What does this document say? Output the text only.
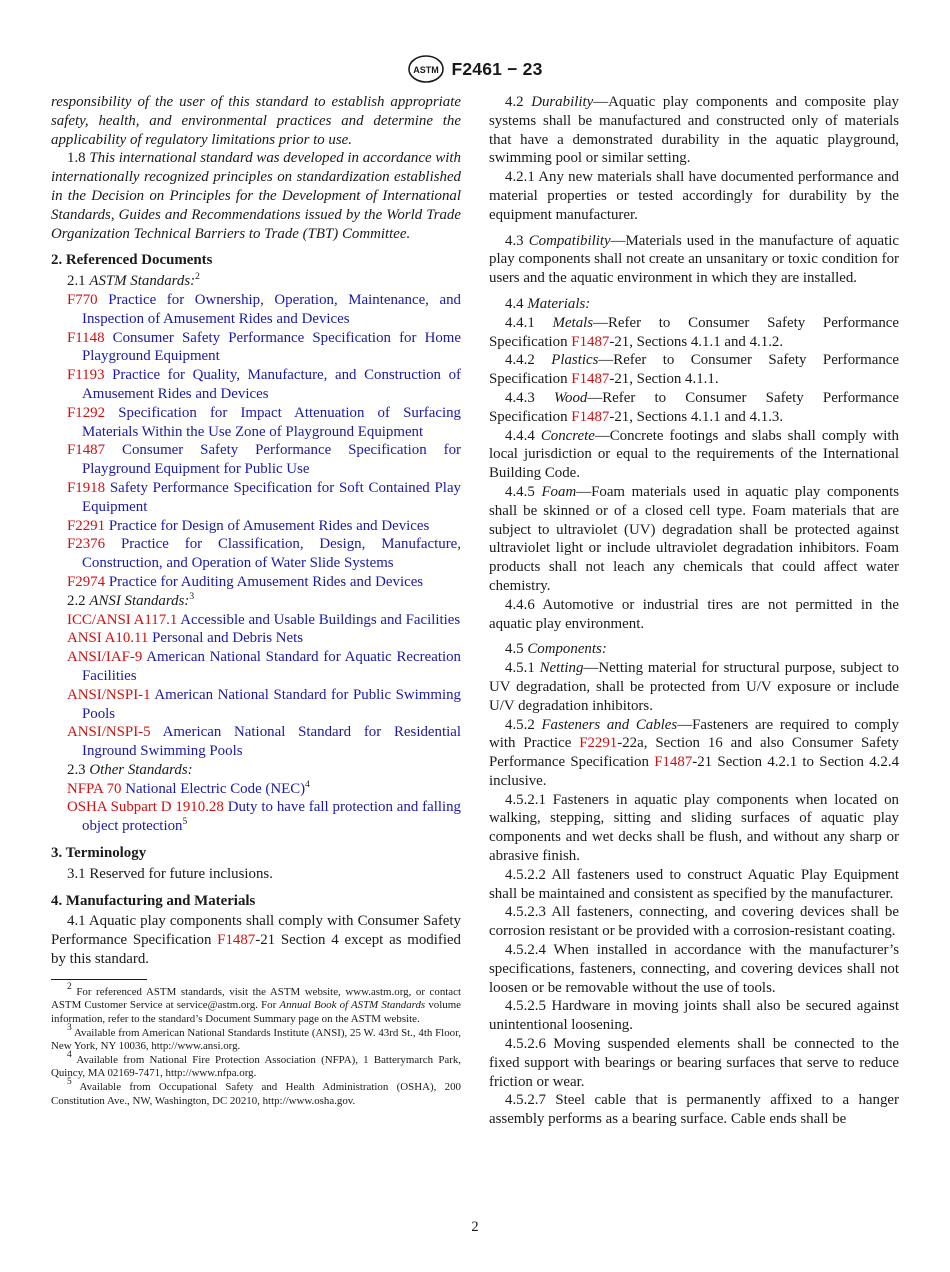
ASTM F2461 − 23

responsibility of the user of this standard to establish appropriate safety, health, and environmental practices and determine the applicability of regulatory limitations prior to use.

1.8 This international standard was developed in accordance with internationally recognized principles on standardization established in the Decision on Principles for the Development of International Standards, Guides and Recommendations issued by the World Trade Organization Technical Barriers to Trade (TBT) Committee.

2. Referenced Documents

2.1 ASTM Standards:$^2$

F770 Practice for Ownership, Operation, Maintenance, and Inspection of Amusement Rides and Devices

F1148 Consumer Safety Performance Specification for Home Playground Equipment

F1193 Practice for Quality, Manufacture, and Construction of Amusement Rides and Devices

F1292 Specification for Impact Attenuation of Surfacing Materials Within the Use Zone of Playground Equipment

F1487 Consumer Safety Performance Specification for Playground Equipment for Public Use

F1918 Safety Performance Specification for Soft Contained Play Equipment

F2291 Practice for Design of Amusement Rides and Devices

F2376 Practice for Classification, Design, Manufacture, Construction, and Operation of Water Slide Systems

F2974 Practice for Auditing Amusement Rides and Devices

2.2 ANSI Standards:$^3$

ICC/ANSI A117.1 Accessible and Usable Buildings and Facilities

ANSI A10.11 Personal and Debris Nets

ANSI/IAF-9 American National Standard for Aquatic Recreation Facilities

ANSI/NSPI-1 American National Standard for Public Swimming Pools

ANSI/NSPI-5 American National Standard for Residential Inground Swimming Pools

2.3 Other Standards:

NFPA 70 National Electric Code (NEC)$^4$

OSHA Subpart D 1910.28 Duty to have fall protection and falling object protection$^5$

3. Terminology

3.1 Reserved for future inclusions.

4. Manufacturing and Materials

4.1 Aquatic play components shall comply with Consumer Safety Performance Specification F1487-21 Section 4 except as modified by this standard.

$^2$ For referenced ASTM standards, visit the ASTM website, www.astm.org, or contact ASTM Customer Service at service@astm.org. For Annual Book of ASTM Standards volume information, refer to the standard’s Document Summary page on the ASTM website.

$^3$ Available from American National Standards Institute (ANSI), 25 W. 43rd St., 4th Floor, New York, NY 10036, http://www.ansi.org.

$^4$ Available from National Fire Protection Association (NFPA), 1 Batterymarch Park, Quincy, MA 02169-7471, http://www.nfpa.org.

$^5$ Available from Occupational Safety and Health Administration (OSHA), 200 Constitution Ave., NW, Washington, DC 20210, http://www.osha.gov.

4.2 Durability—Aquatic play components and composite play systems shall be manufactured and constructed only of materials that have a demonstrated durability in the aquatic playground, swimming pool or similar setting.

4.2.1 Any new materials shall have documented performance and material properties or tested accordingly for durability by the equipment manufacturer.

4.3 Compatibility—Materials used in the manufacture of aquatic play components shall not create an unsanitary or toxic condition for users and the aquatic environment in which they are installed.

4.4 Materials:

4.4.1 Metals—Refer to Consumer Safety Performance Specification F1487-21, Sections 4.1.1 and 4.1.2.

4.4.2 Plastics—Refer to Consumer Safety Performance Specification F1487-21, Section 4.1.1.

4.4.3 Wood—Refer to Consumer Safety Performance Specification F1487-21, Sections 4.1.1 and 4.1.3.

4.4.4 Concrete—Concrete footings and slabs shall comply with local jurisdiction or equal to the requirements of the International Building Code.

4.4.5 Foam—Foam materials used in aquatic play components shall be skinned or of a closed cell type. Foam materials that are subject to ultraviolet (UV) degradation shall be protected against ultraviolet light or include ultraviolet degradation inhibitors. Foam products shall not leach any chemicals that could affect water chemistry.

4.4.6 Automotive or industrial tires are not permitted in the aquatic play environment.

4.5 Components:

4.5.1 Netting—Netting material for structural purpose, subject to UV degradation, shall be protected from U/V exposure or include U/V degradation inhibitors.

4.5.2 Fasteners and Cables—Fasteners are required to comply with Practice F2291-22a, Section 16 and also Consumer Safety Performance Specification F1487-21 Section 4.2.1 to Section 4.2.4 inclusive.

4.5.2.1 Fasteners in aquatic play components when located on walking, stepping, sitting and sliding surfaces of aquatic play components and wet decks shall be flush, and without any sharp or abrasive finish.

4.5.2.2 All fasteners used to construct Aquatic Play Equipment shall be maintained and consistent as specified by the manufacturer.

4.5.2.3 All fasteners, connecting, and covering devices shall be corrosion resistant or be provided with a corrosion-resistant coating.

4.5.2.4 When installed in accordance with the manufacturer’s specifications, fasteners, connecting, and covering devices shall not loosen or be removable without the use of tools.

4.5.2.5 Hardware in moving joints shall also be secured against unintentional loosening.

4.5.2.6 Moving suspended elements shall be connected to the fixed support with bearings or bearing surfaces that serve to reduce friction or wear.

4.5.2.7 Steel cable that is permanently affixed to a hanger assembly performs as a bearing surface. Cable ends shall be

2
